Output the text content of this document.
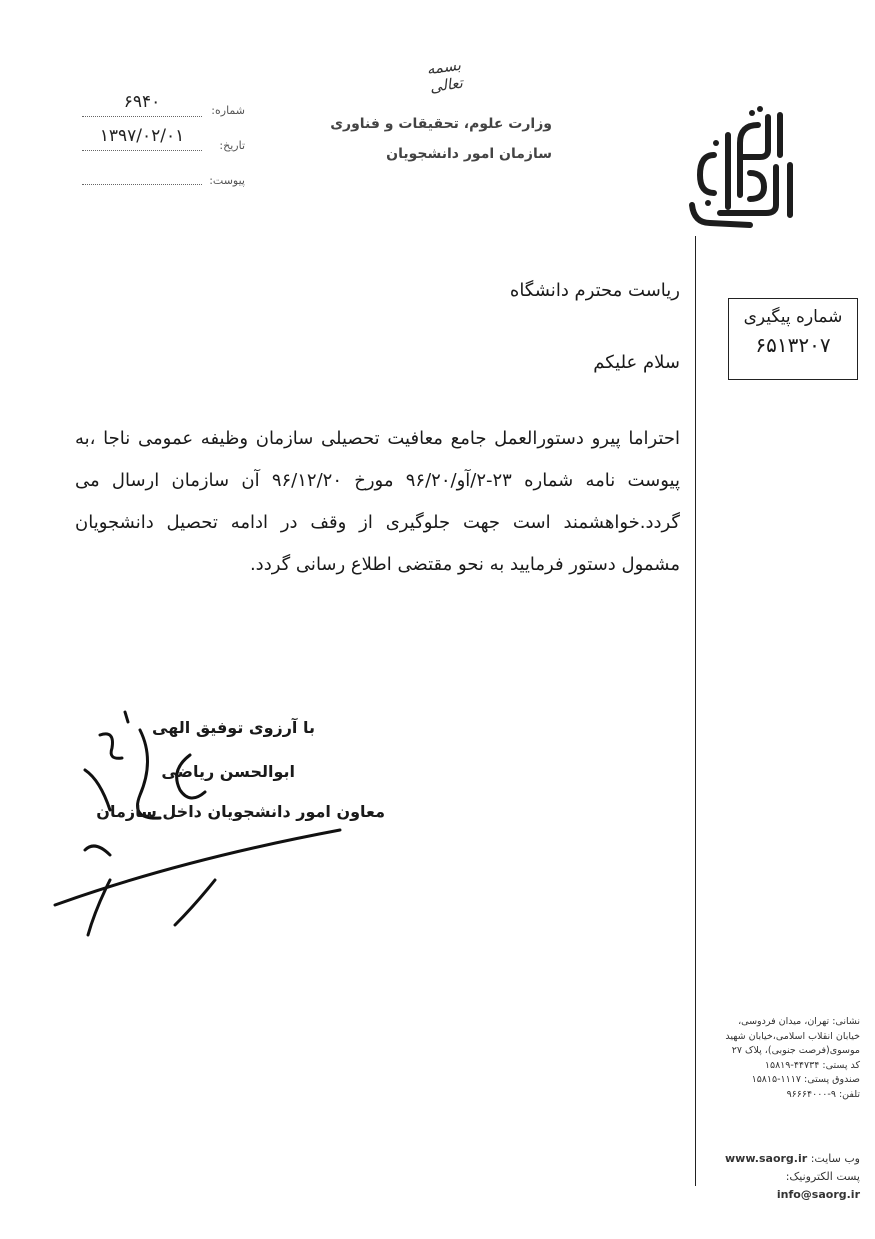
بسمه تعالی
وزارت علوم، تحقیقات و فناوری
سازمان امور دانشجویان
شماره:
۶۹۴۰
تاریخ:
۱۳۹۷/۰۲/۰۱
پیوست:
شماره پیگیری
۶۵۱۳۲۰۷
ریاست محترم دانشگاه
سلام علیکم
احتراما پیرو دستورالعمل جامع معافیت تحصیلی سازمان وظیفه عمومی ناجا ،به پیوست نامه شماره ۲۳-۲/آو/۹۶/۲۰ مورخ ۹۶/۱۲/۲۰ آن سازمان ارسال می گردد.خواهشمند است جهت جلوگیری از وقف در ادامه تحصیل دانشجویان مشمول دستور فرمایید به نحو مقتضی اطلاع رسانی گردد.
با آرزوی توفیق الهی
ابوالحسن ریاضی
معاون امور دانشجویان داخل سازمان
نشانی: تهران، میدان فردوسی،
خیابان انقلاب اسلامی،خیابان شهید
موسوی(فرصت جنوبی)، پلاک ۲۷
کد پستی: ۴۴۷۳۴-۱۵۸۱۹
صندوق پستی: ۱۱۱۷-۱۵۸۱۵
تلفن: ۹-۹۶۶۶۴۰۰۰
وب سایت: www.saorg.ir
پست الکترونیک: info@saorg.ir
